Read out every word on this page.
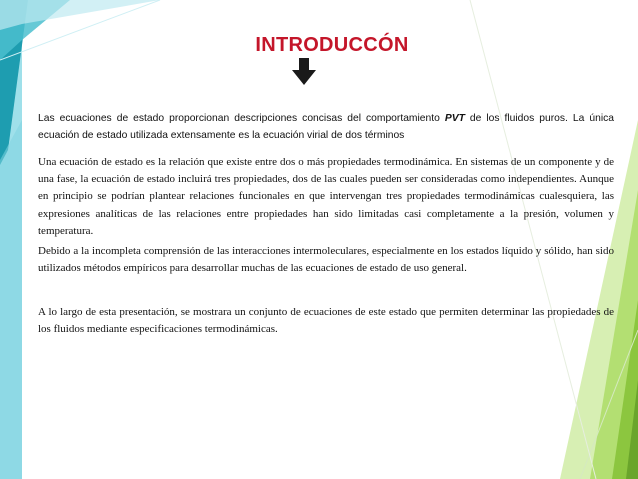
INTRODUCCÓN

Las ecuaciones de estado proporcionan descripciones concisas del comportamiento PVT de los fluidos puros. La única ecuación de estado utilizada extensamente es la ecuación virial de dos términos

Una ecuación de estado es la relación que existe entre dos o más propiedades termodinámica. En sistemas de un componente y de una fase, la ecuación de estado incluirá tres propiedades, dos de las cuales pueden ser consideradas como independientes. Aunque en principio se podrían plantear relaciones funcionales en que intervengan tres propiedades termodinámicas cualesquiera, las expresiones analíticas de las relaciones entre propiedades han sido limitadas casi completamente a la presión, volumen y temperatura.

Debido a la incompleta comprensión de las interacciones intermoleculares, especialmente en los estados líquido y sólido, han sido utilizados métodos empíricos para desarrollar muchas de las ecuaciones de estado de uso general.

A lo largo de esta presentación, se mostrara un conjunto de ecuaciones de este estado que permiten determinar las propiedades de los fluidos mediante especificaciones termodinámicas.
